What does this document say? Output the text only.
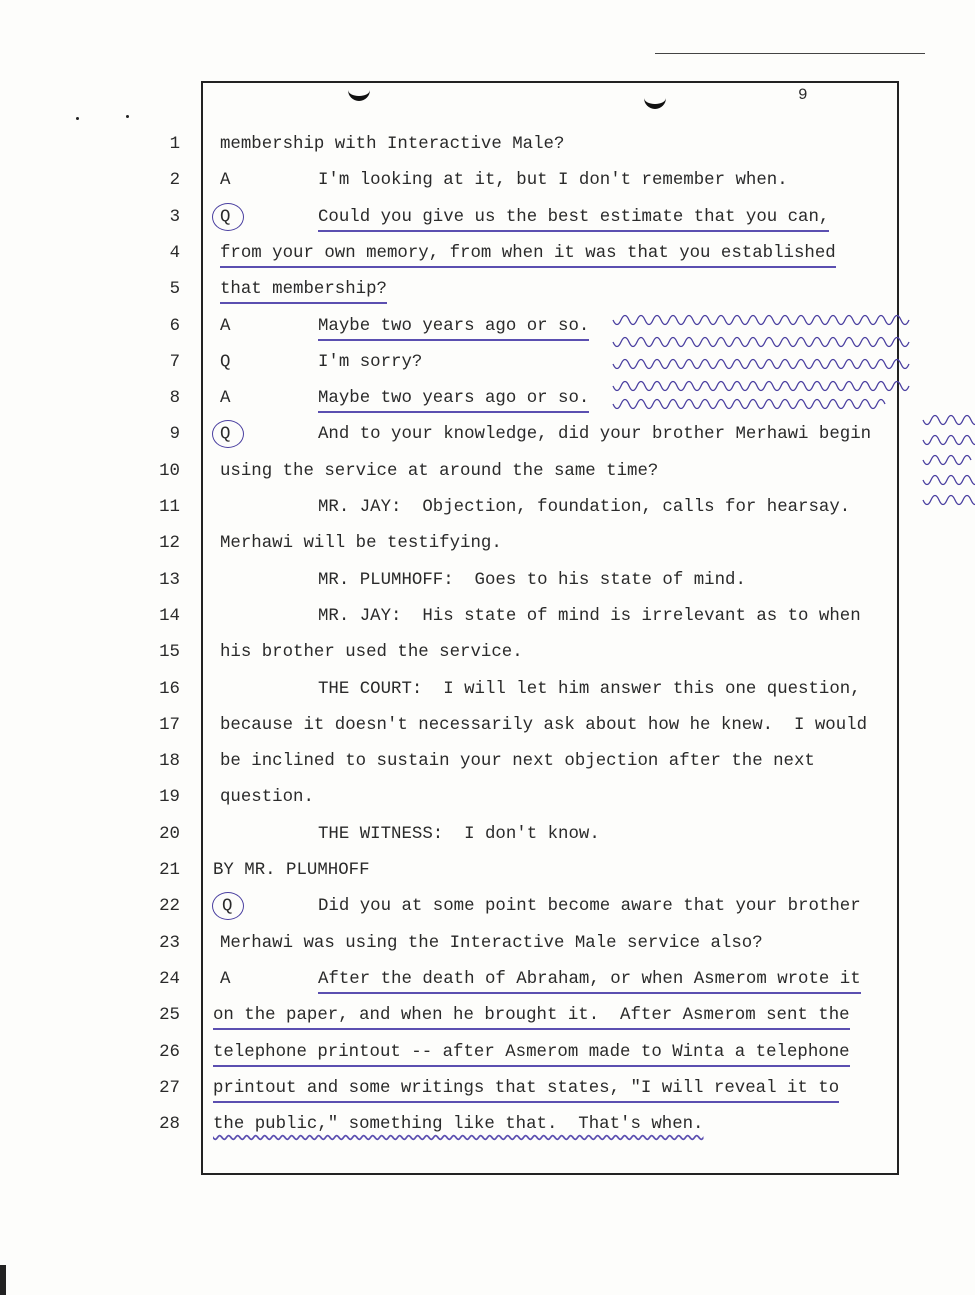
9
1 membership with Interactive Male?
2 A	I'm looking at it, but I don't remember when.
3 Q	Could you give us the best estimate that you can,
4 from your own memory, from when it was that you established
5 that membership?
6 A	Maybe two years ago or so.
7 Q	I'm sorry?
8 A	Maybe two years ago or so.
9 Q	And to your knowledge, did your brother Merhawi begin
10 using the service at around the same time?
11	MR. JAY:  Objection, foundation, calls for hearsay.
12 Merhawi will be testifying.
13	MR. PLUMHOFF:  Goes to his state of mind.
14	MR. JAY:  His state of mind is irrelevant as to when
15 his brother used the service.
16	THE COURT:  I will let him answer this one question,
17 because it doesn't necessarily ask about how he knew.  I would
18 be inclined to sustain your next objection after the next
19 question.
20	THE WITNESS:  I don't know.
21 BY MR. PLUMHOFF
22 Q	Did you at some point become aware that your brother
23 Merhawi was using the Interactive Male service also?
24 A	After the death of Abraham, or when Asmerom wrote it
25 on the paper, and when he brought it.  After Asmerom sent the
26 telephone printout -- after Asmerom made to Winta a telephone
27 printout and some writings that states, "I will reveal it to
28 the public," something like that.  That's when.
